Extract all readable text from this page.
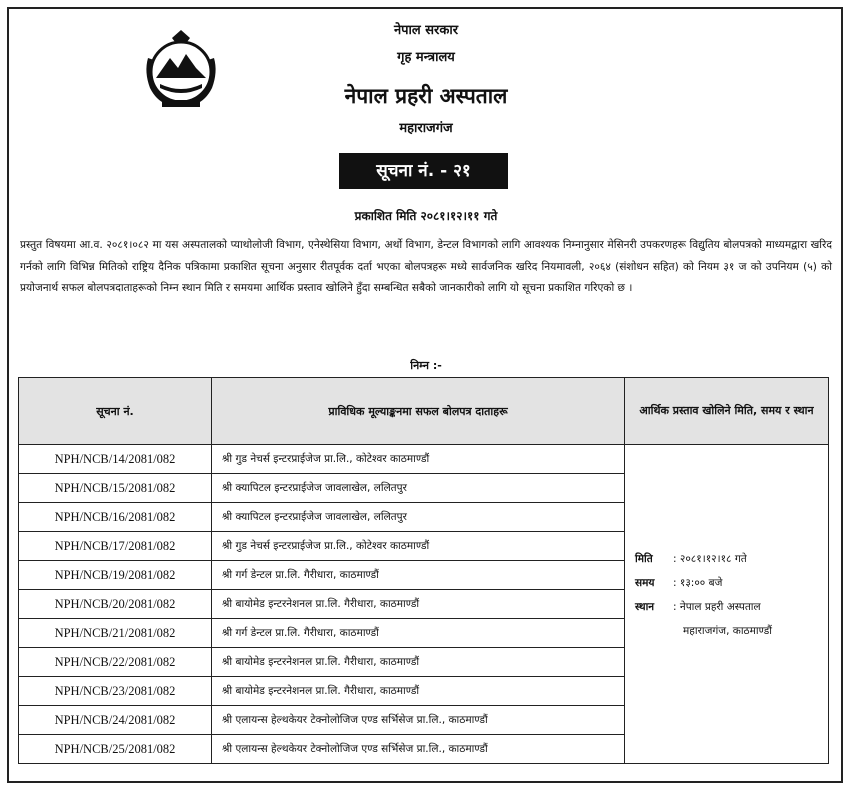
नेपाल सरकार
गृह मन्त्रालय
नेपाल प्रहरी अस्पताल
महाराजगंज
सूचना नं. - २१
प्रकाशित मिति २०८१।१२।११ गते
प्रस्तुत विषयमा आ.व. २०८१।०८२ मा यस अस्पतालको प्याथोलोजी विभाग, एनेस्थेसिया विभाग, अर्थो विभाग, डेन्टल विभागको लागि आवश्यक निम्नानुसार मेसिनरी उपकरणहरू विद्युतिय बोलपत्रको माध्यमद्वारा खरिद गर्नको लागि विभिन्न मितिको राष्ट्रिय दैनिक पत्रिकामा प्रकाशित सूचना अनुसार रीतपूर्वक दर्ता भएका बोलपत्रहरू मध्ये सार्वजनिक खरिद नियमावली, २०६४ (संशोधन सहित) को नियम ३१ ज को उपनियम (५) को प्रयोजनार्थ सफल बोलपत्रदाताहरूको निम्न स्थान मिति र समयमा आर्थिक प्रस्ताव खोलिने हुँदा सम्बन्धित सबैको जानकारीको लागि यो सूचना प्रकाशित गरिएको छ ।
निम्न :-
सूचना नं.	प्राविधिक मूल्याङ्कनमा सफल बोलपत्र दाताहरू	आर्थिक प्रस्ताव खोलिने मिति, समय र स्थान
NPH/NCB/14/2081/082	श्री गुड नेचर्स इन्टरप्राईजेज प्रा.लि., कोटेश्वर काठमाण्डौं	मिति : २०८१।१२।१८ गते
समय : १३:०० बजे
स्थान : नेपाल प्रहरी अस्पताल
महाराजगंज, काठमाण्डौं

NPH/NCB/15/2081/082	श्री क्यापिटल इन्टरप्राईजेज जावलाखेल, ललितपुर	
NPH/NCB/16/2081/082	श्री क्यापिटल इन्टरप्राईजेज जावलाखेल, ललितपुर	
NPH/NCB/17/2081/082	श्री गुड नेचर्स इन्टरप्राईजेज प्रा.लि., कोटेश्वर काठमाण्डौं	
NPH/NCB/19/2081/082	श्री गर्ग डेन्टल प्रा.लि. गैरीधारा, काठमाण्डौं	
NPH/NCB/20/2081/082	श्री बायोमेड इन्टरनेशनल प्रा.लि. गैरीधारा, काठमाण्डौं	
NPH/NCB/21/2081/082	श्री गर्ग डेन्टल प्रा.लि. गैरीधारा, काठमाण्डौं	
NPH/NCB/22/2081/082	श्री बायोमेड इन्टरनेशनल प्रा.लि. गैरीधारा, काठमाण्डौं	
NPH/NCB/23/2081/082	श्री बायोमेड इन्टरनेशनल प्रा.लि. गैरीधारा, काठमाण्डौं	
NPH/NCB/24/2081/082	श्री एलायन्स हेल्थकेयर टेक्नोलोजिज एण्ड सर्भिसेज प्रा.लि., काठमाण्डौं	
NPH/NCB/25/2081/082	श्री एलायन्स हेल्थकेयर टेक्नोलोजिज एण्ड सर्भिसेज प्रा.लि., काठमाण्डौं	
